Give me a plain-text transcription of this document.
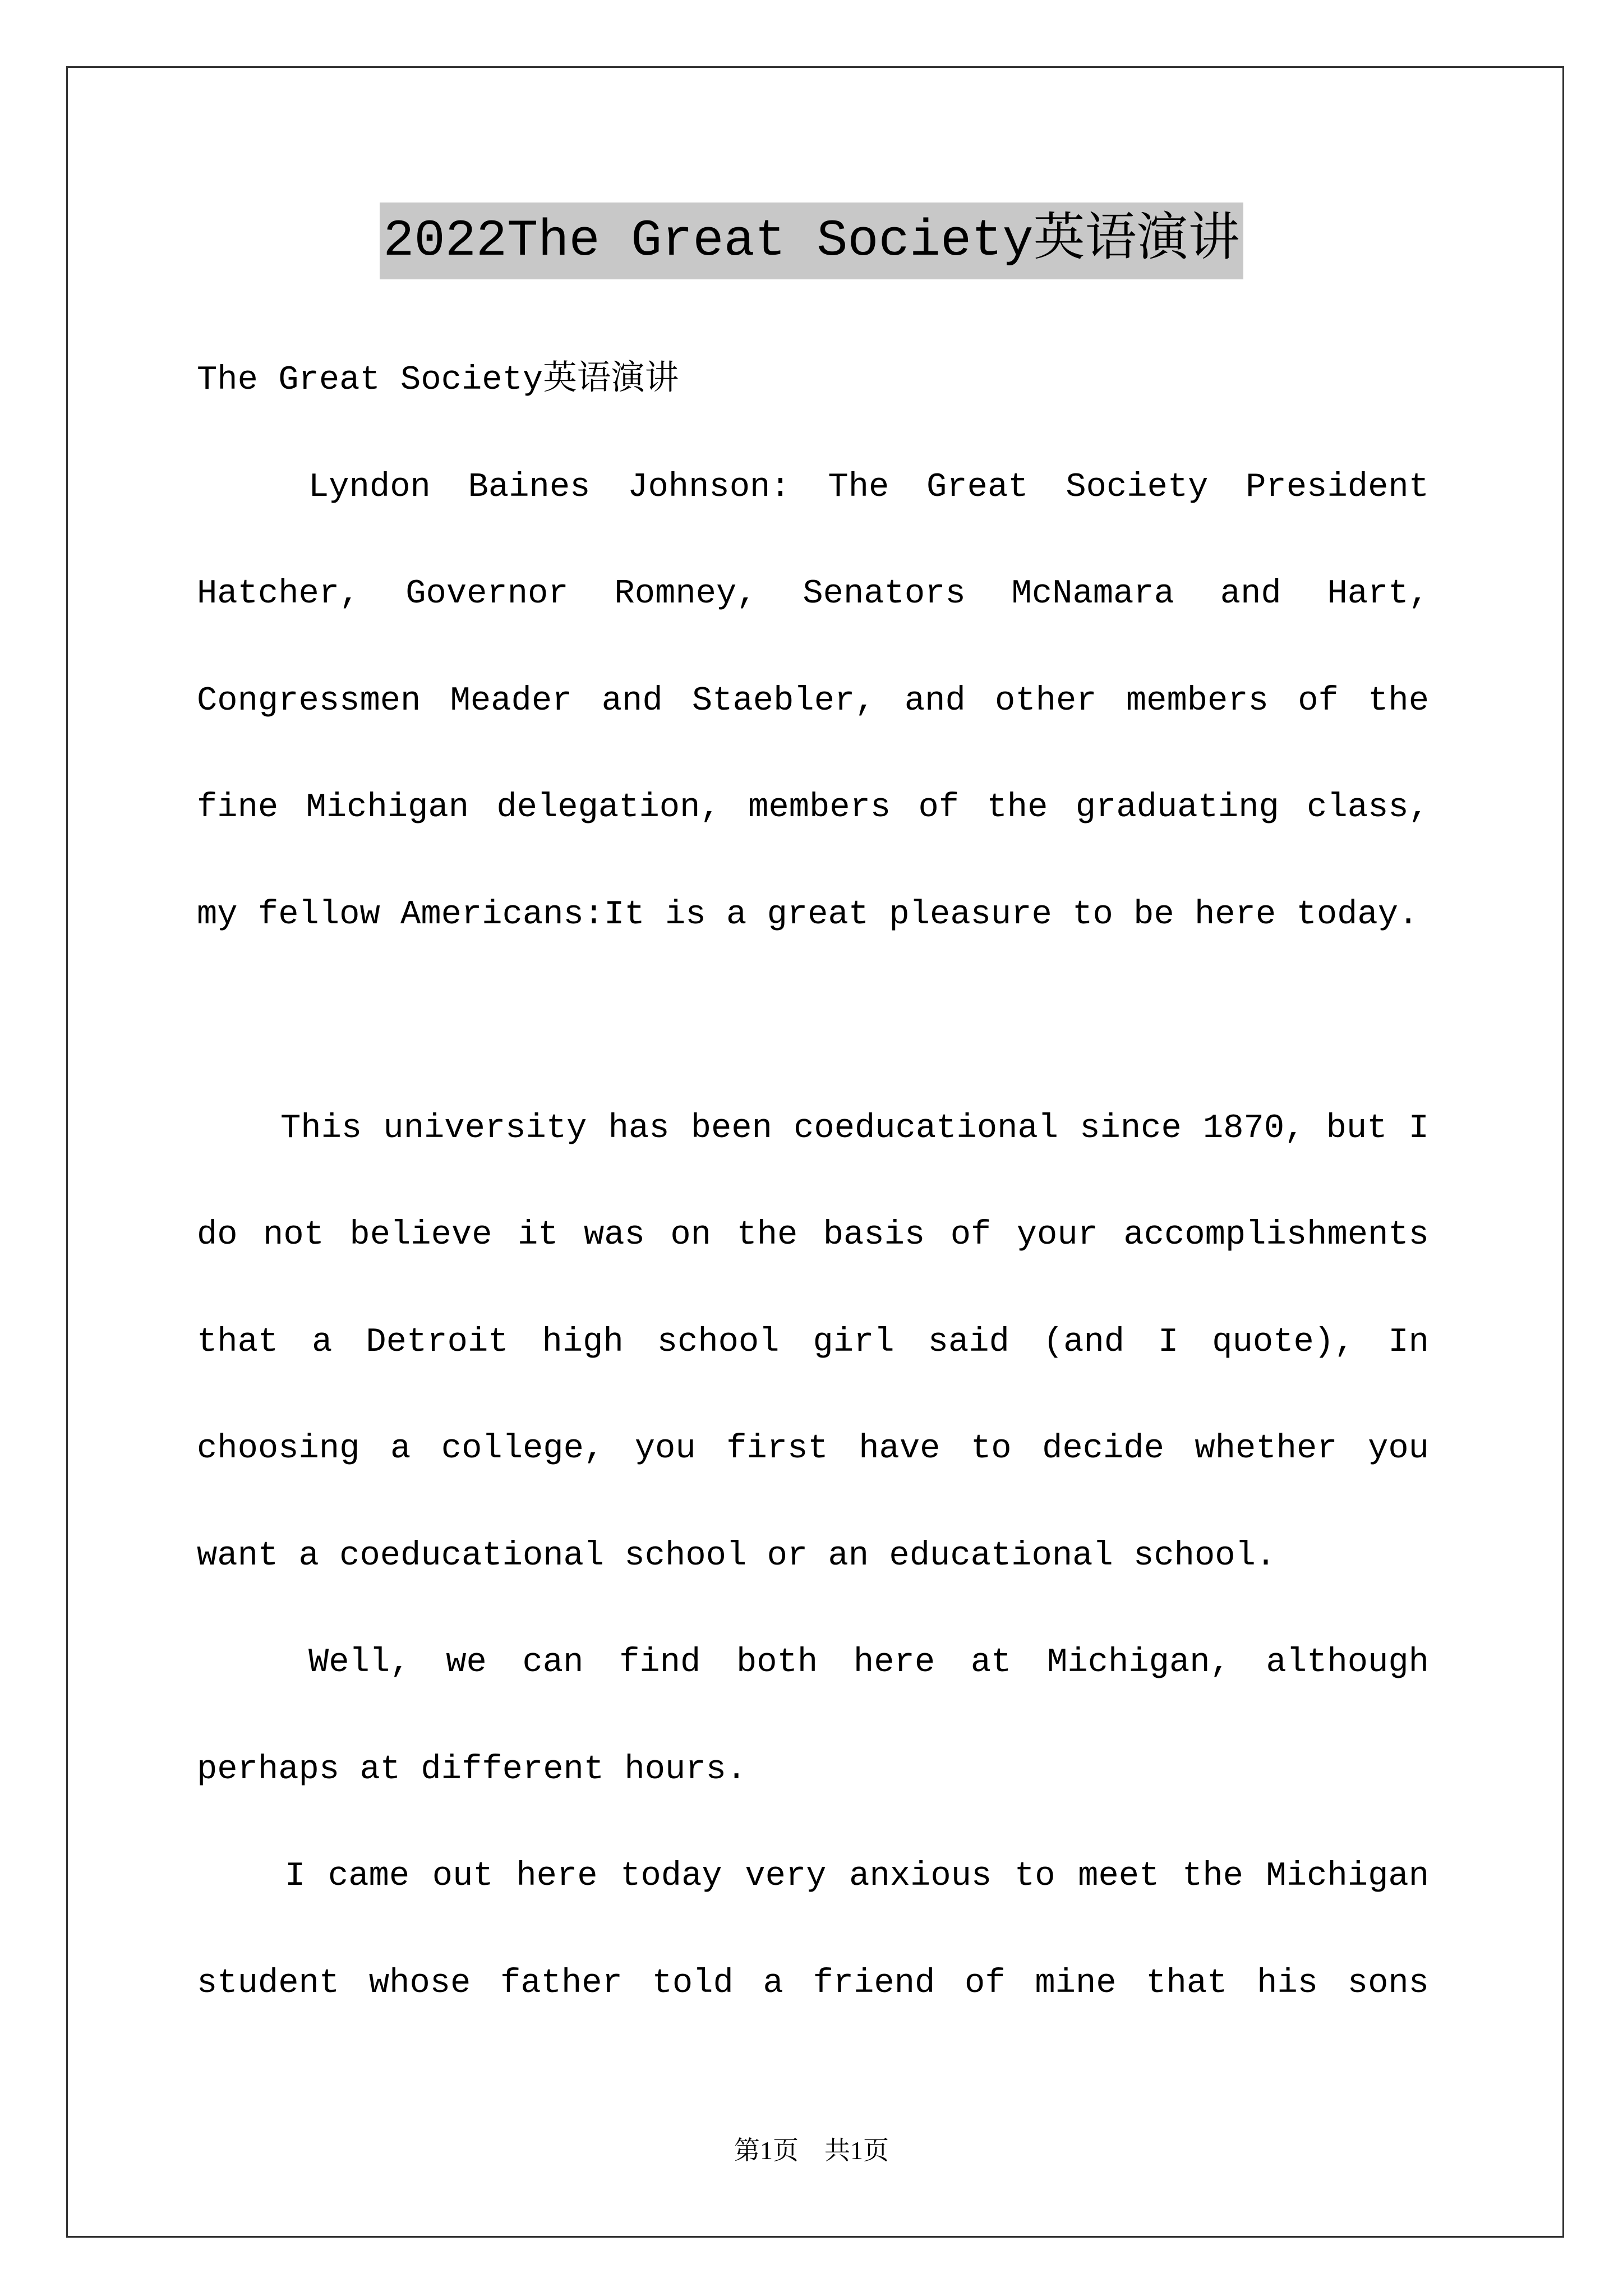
2022The Great Society英语演讲
The Great Society英语演讲
Lyndon Baines Johnson: The Great Society President
Hatcher, Governor Romney, Senators McNamara and Hart,
Congressmen Meader and Staebler, and other members of the
fine Michigan delegation, members of the graduating class,
my fellow Americans:It is a great pleasure to be here today.
This university has been coeducational since 1870, but I
do not believe it was on the basis of your accomplishments
that a Detroit high school girl said (and I quote), In
choosing a college, you first have to decide whether you
want a coeducational school or an educational school.
Well, we can find both here at Michigan, although
perhaps at different hours.
I came out here today very anxious to meet the Michigan
student whose father told a friend of mine that his sons
第1页 共1页
